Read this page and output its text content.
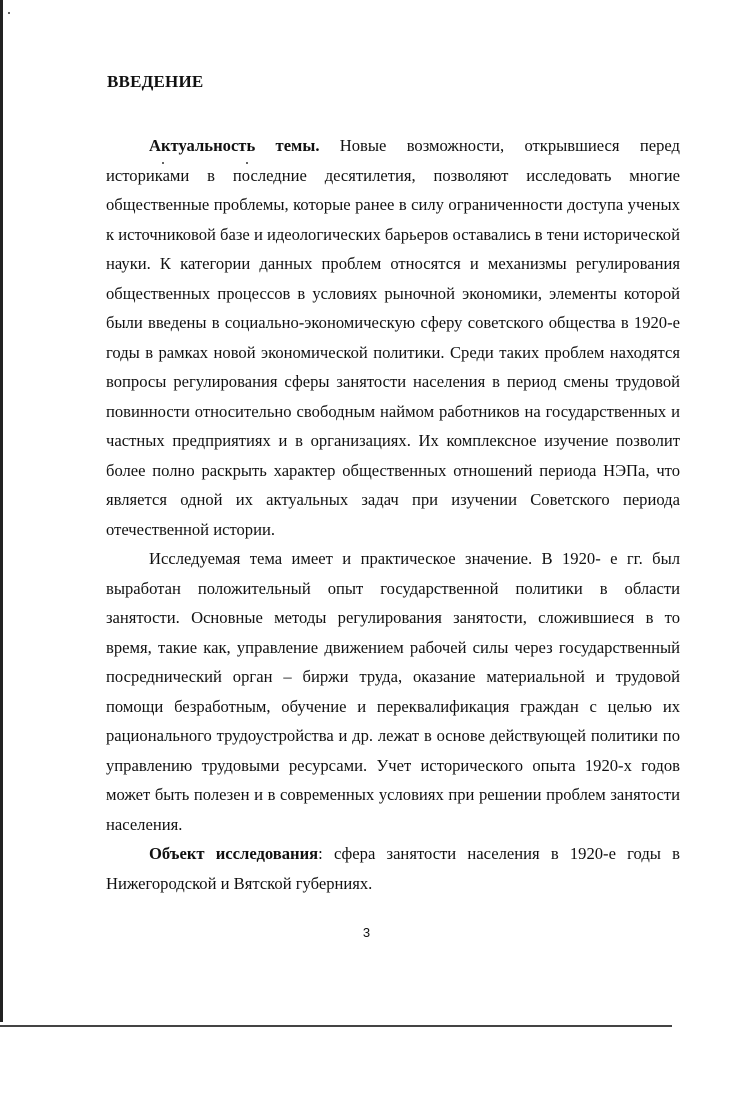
ВВЕДЕНИЕ

Актуальность темы. Новые возможности, открывшиеся перед историками в последние десятилетия, позволяют исследовать многие общественные проблемы, которые ранее в силу ограниченности доступа ученых к источниковой базе и идеологических барьеров оставались в тени исторической науки. К категории данных проблем относятся и механизмы регулирования общественных процессов в условиях рыночной экономики, элементы которой были введены в социально-экономическую сферу советского общества в 1920-е годы в рамках новой экономической политики. Среди таких проблем находятся вопросы регулирования сферы занятости населения в период смены трудовой повинности относительно свободным наймом работников на государственных и частных предприятиях и в организациях. Их комплексное изучение позволит более полно раскрыть характер общественных отношений периода НЭПа, что является одной их актуальных задач при изучении Советского периода отечественной истории.

Исследуемая тема имеет и практическое значение. В 1920- е гг. был выработан положительный опыт государственной политики в области занятости. Основные методы регулирования занятости, сложившиеся в то время, такие как, управление движением рабочей силы через государственный посреднический орган – биржи труда, оказание материальной и трудовой помощи безработным, обучение и переквалификация граждан с целью их рационального трудоустройства и др. лежат в основе действующей политики по управлению трудовыми ресурсами. Учет исторического опыта 1920-х годов может быть полезен и в современных условиях при решении проблем занятости населения.

Объект исследования: сфера занятости населения в 1920-е годы в Нижегородской и Вятской губерниях.

3
